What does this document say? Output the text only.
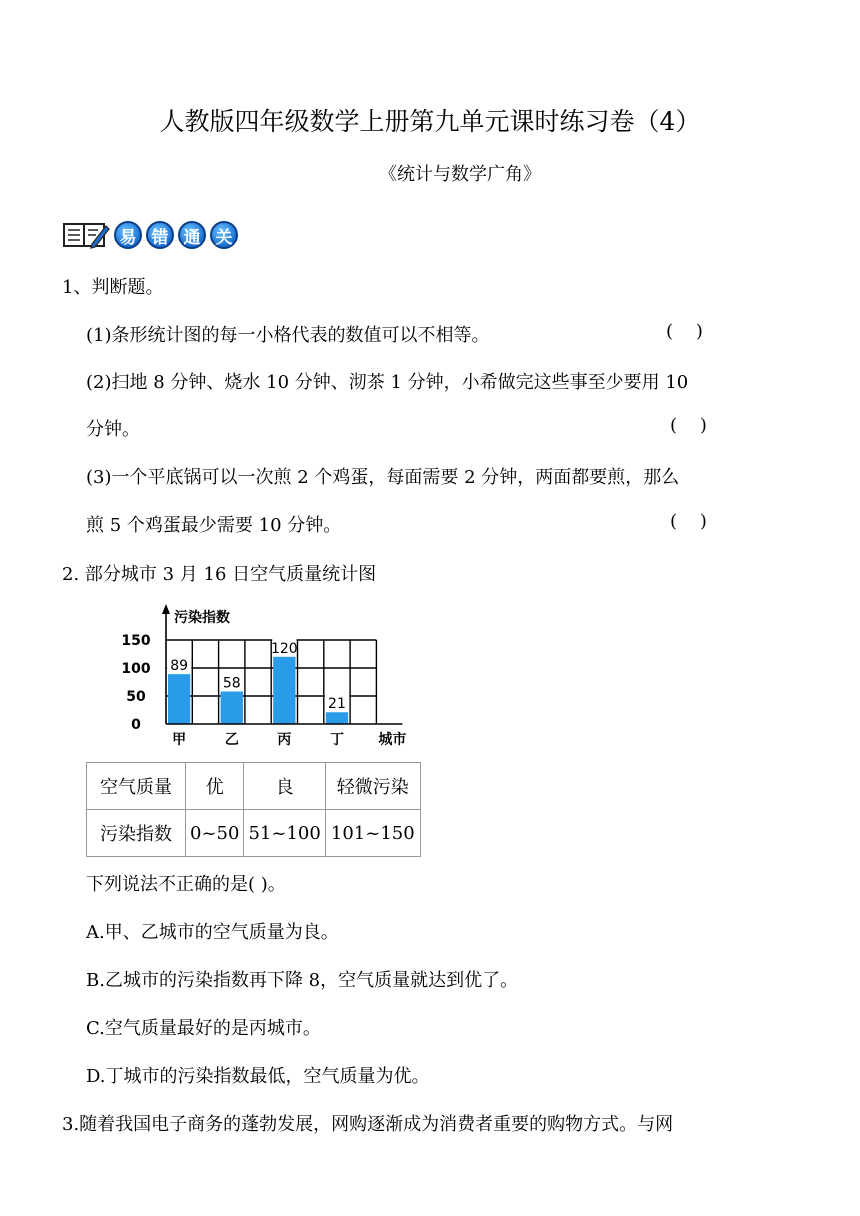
人教版四年级数学上册第九单元课时练习卷（4）
《统计与数学广角》
易 错 通 关
1、判断题。
(1)条形统计图的每一小格代表的数值可以不相等。	(    )
(2)扫地 8 分钟、烧水 10 分钟、沏茶 1 分钟，小希做完这些事至少要用 10
分钟。	(    )
(3)一个平底锅可以一次煎 2 个鸡蛋，每面需要 2 分钟，两面都要煎，那么
煎 5 个鸡蛋最少需要 10 分钟。	(    )
2. 部分城市 3 月 16 日空气质量统计图
89
58
120
21
0
50
100
150
污染指数
甲	乙	丙	丁 城市
空气质量	优	良	轻微污染
污染指数	0~50	51~100	101~150
下列说法不正确的是( )。
A.甲、乙城市的空气质量为良。
B.乙城市的污染指数再下降 8，空气质量就达到优了。
C.空气质量最好的是丙城市。
D.丁城市的污染指数最低，空气质量为优。
3.随着我国电子商务的蓬勃发展，网购逐渐成为消费者重要的购物方式。与网
